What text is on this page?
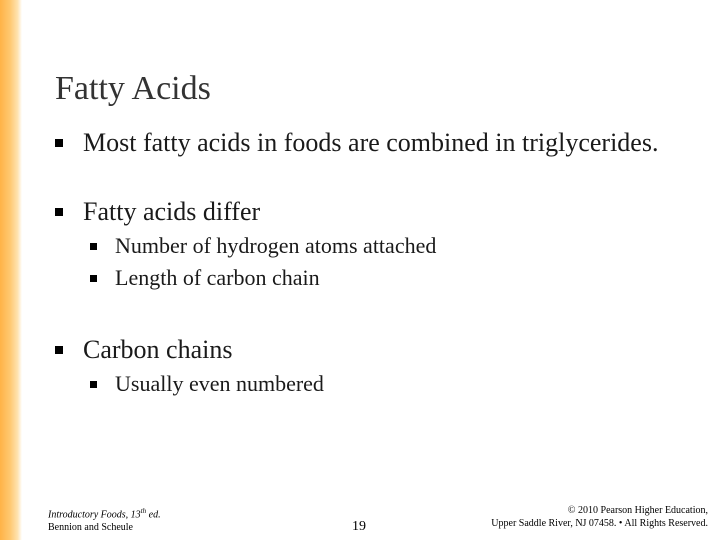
Fatty Acids
Most fatty acids in foods are combined in triglycerides.
Fatty acids differ
Number of hydrogen atoms attached
Length of carbon chain
Carbon chains
Usually even numbered
Introductory Foods, 13th ed.
Bennion and Scheule	19
© 2010 Pearson Higher Education,
Upper Saddle River, NJ 07458. • All Rights Reserved.
